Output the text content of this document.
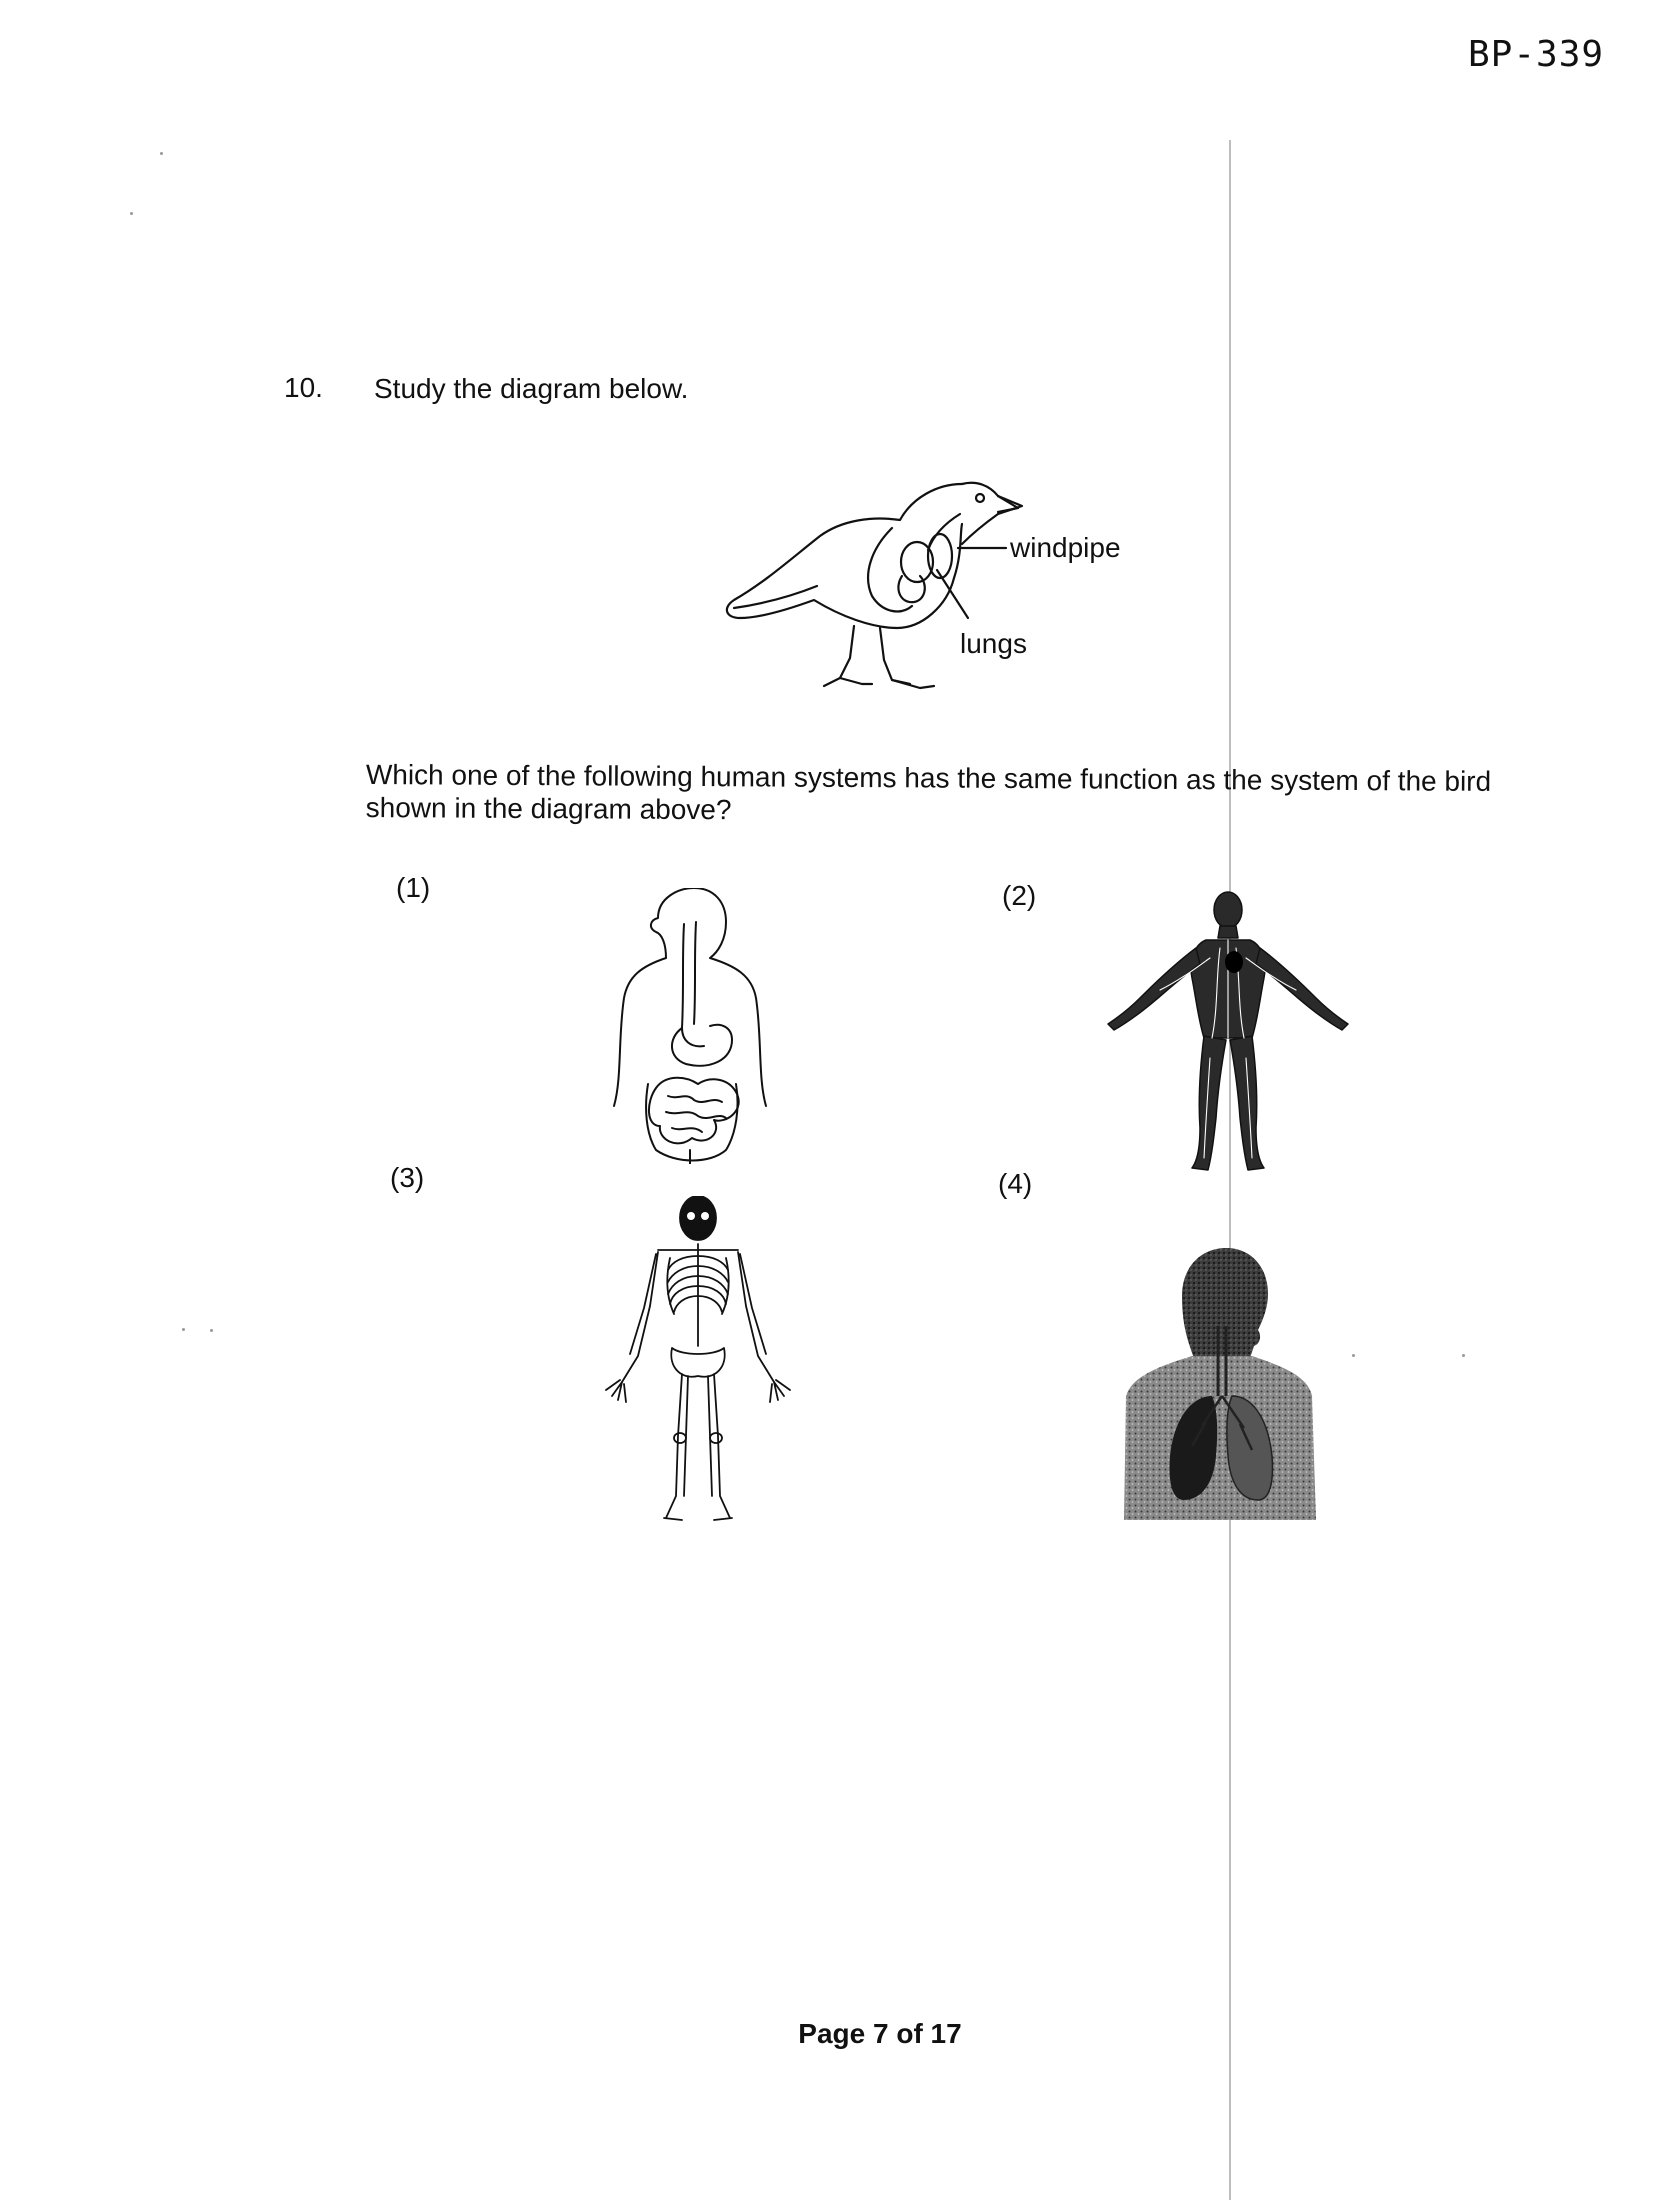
BP-339
10. Study the diagram below.
windpipe
lungs
Which one of the following human systems has the same function as the system of the bird shown in the diagram above?
(1)	(2)
(3)	(4)
Page 7 of 17
